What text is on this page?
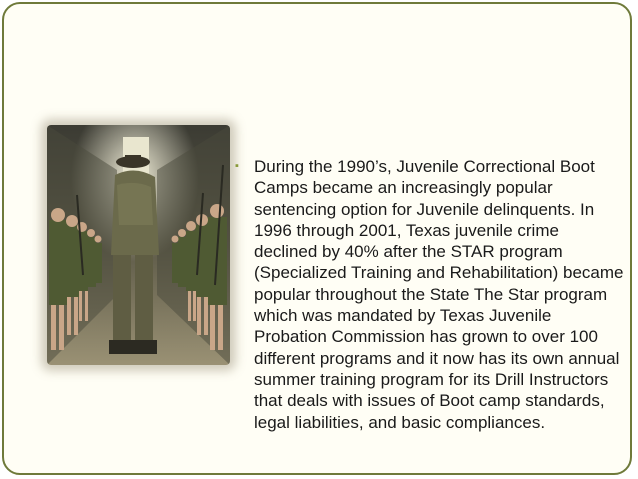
▪ During the 1990’s, Juvenile Correctional Boot Camps became an increasingly popular sentencing option for Juvenile delinquents. In 1996 through 2001, Texas juvenile crime declined by 40% after the STAR program (Specialized Training and Rehabilitation) became popular throughout the State The Star program which was mandated by Texas Juvenile Probation Commission has grown to over 100 different programs and it now has its own annual summer training program for its Drill Instructors that deals with issues of Boot camp standards, legal liabilities, and basic compliances.
